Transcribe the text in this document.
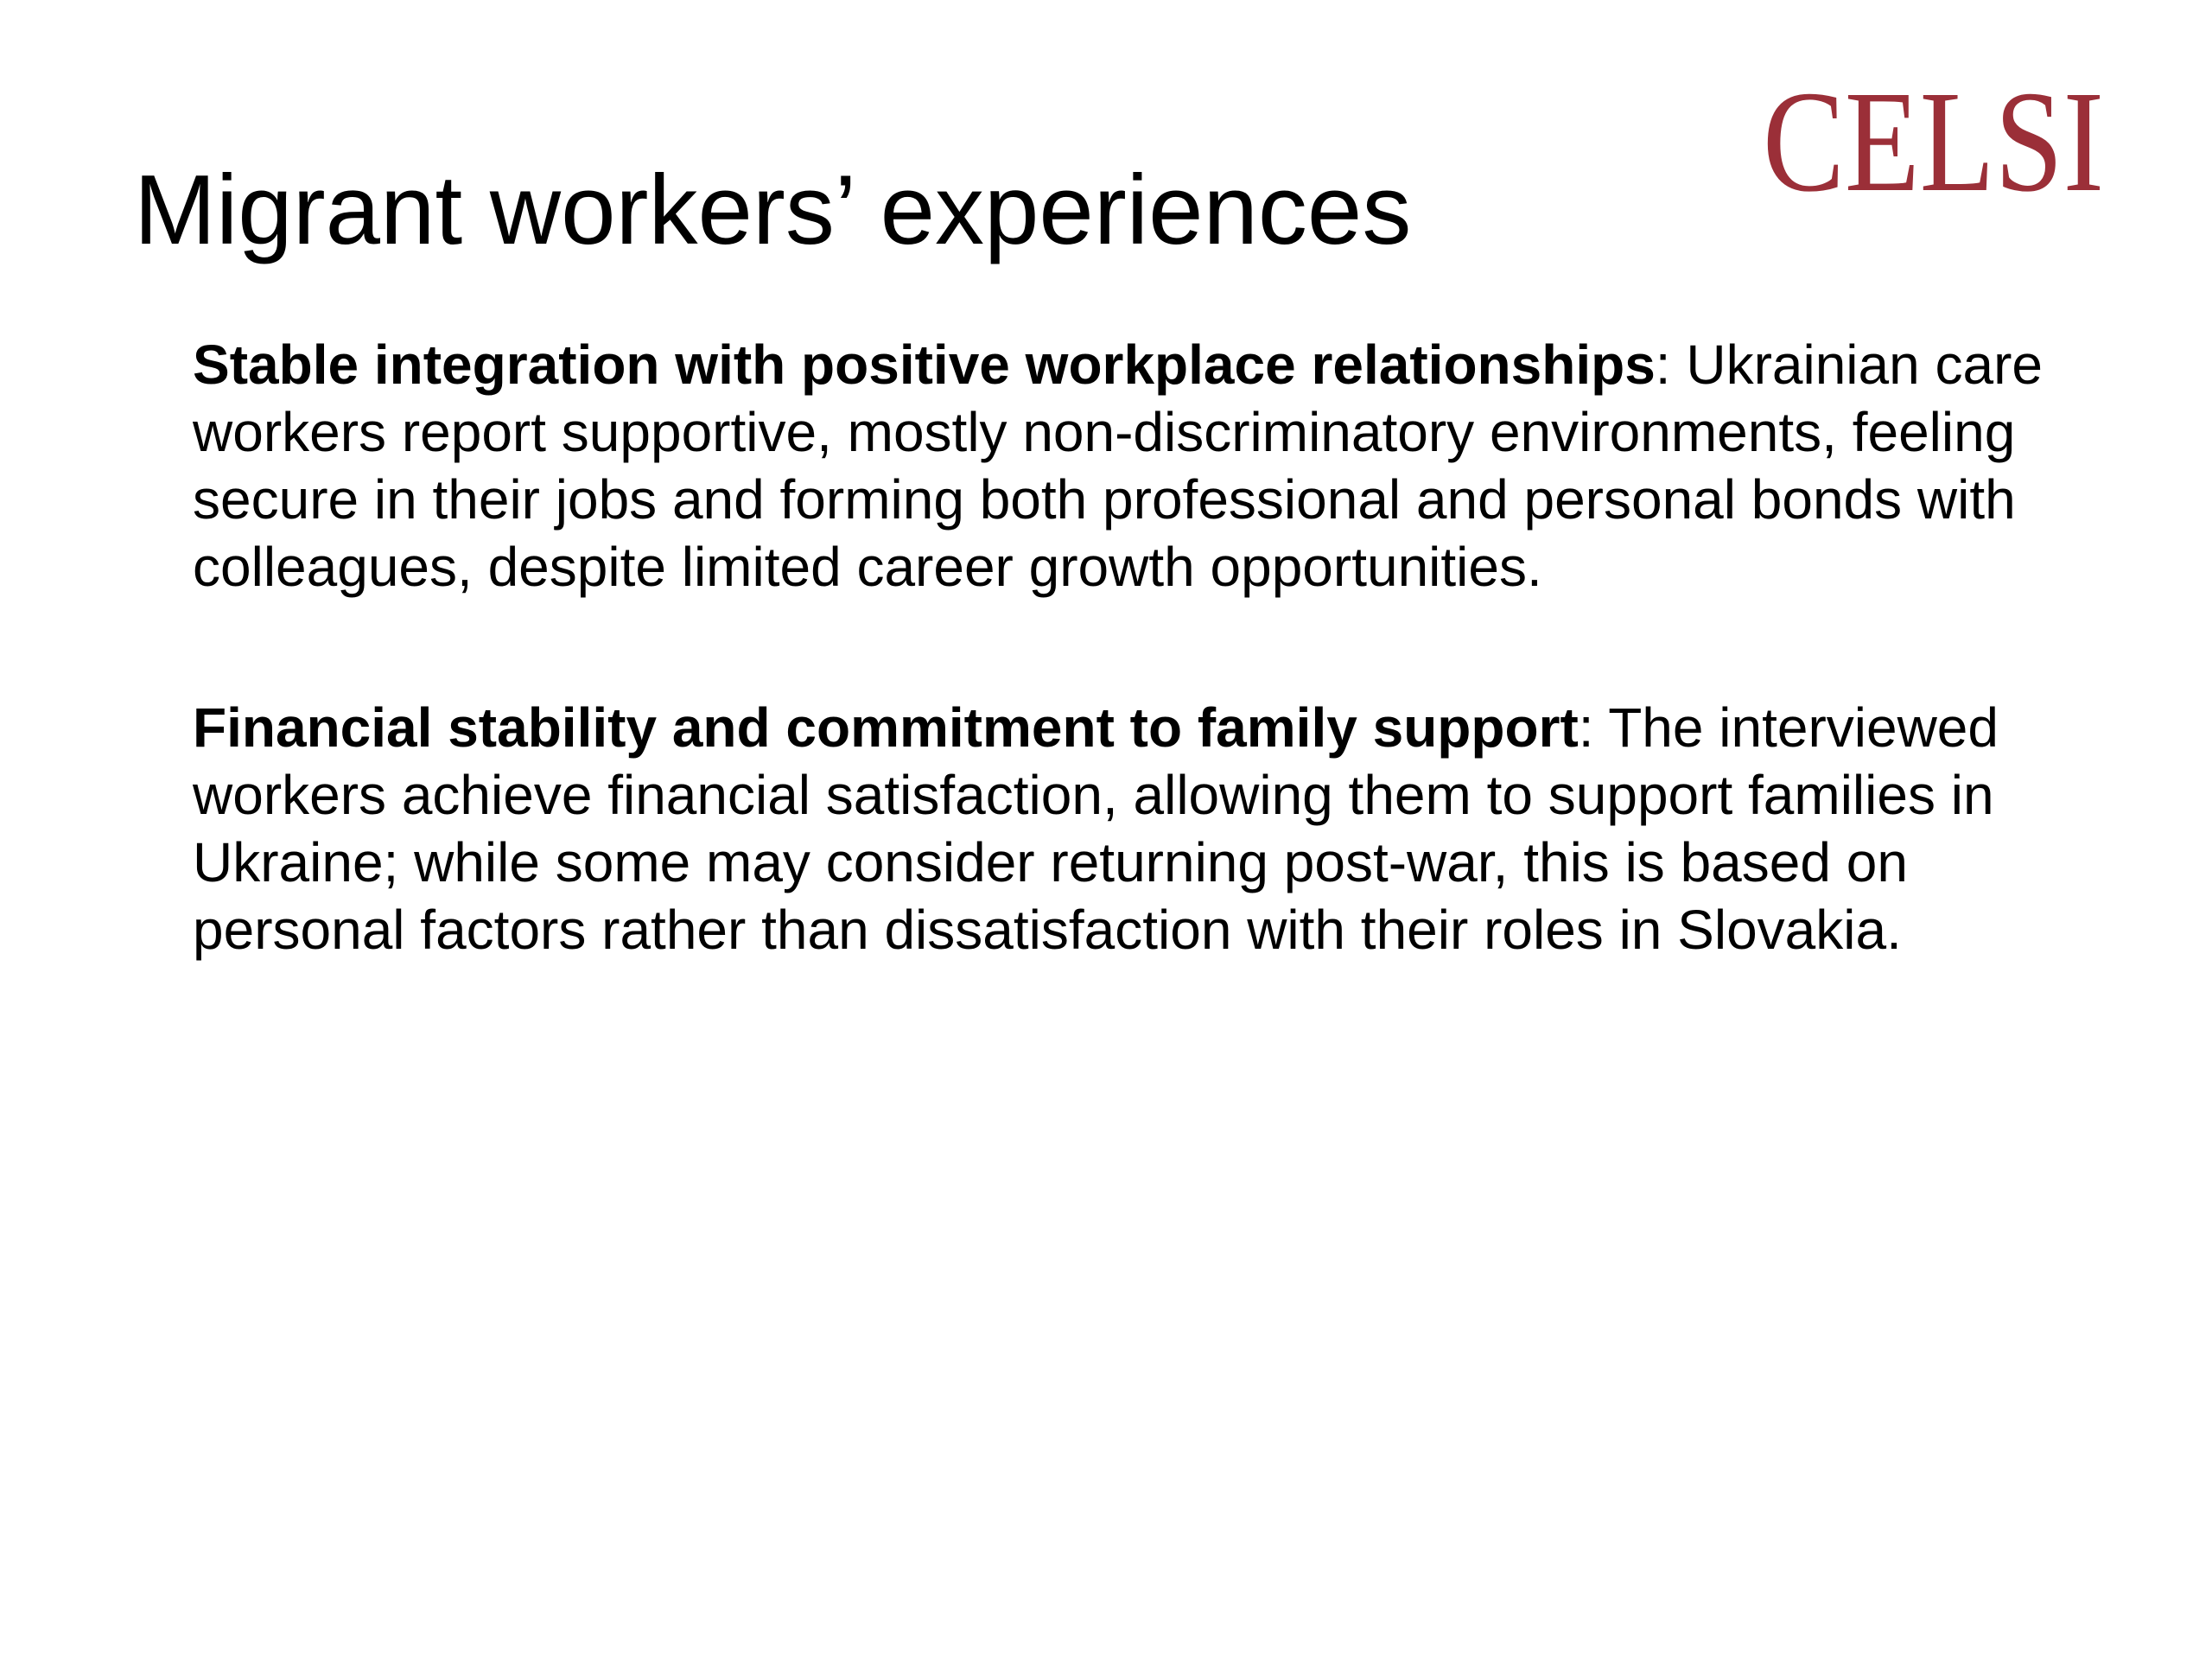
CELSI
Migrant workers’ experiences

Stable integration with positive workplace relationships: Ukrainian care workers report supportive, mostly non-discriminatory environments, feeling secure in their jobs and forming both professional and personal bonds with colleagues, despite limited career growth opportunities.

Financial stability and commitment to family support: The interviewed workers achieve financial satisfaction, allowing them to support families in Ukraine; while some may consider returning post-war, this is based on personal factors rather than dissatisfaction with their roles in Slovakia.
